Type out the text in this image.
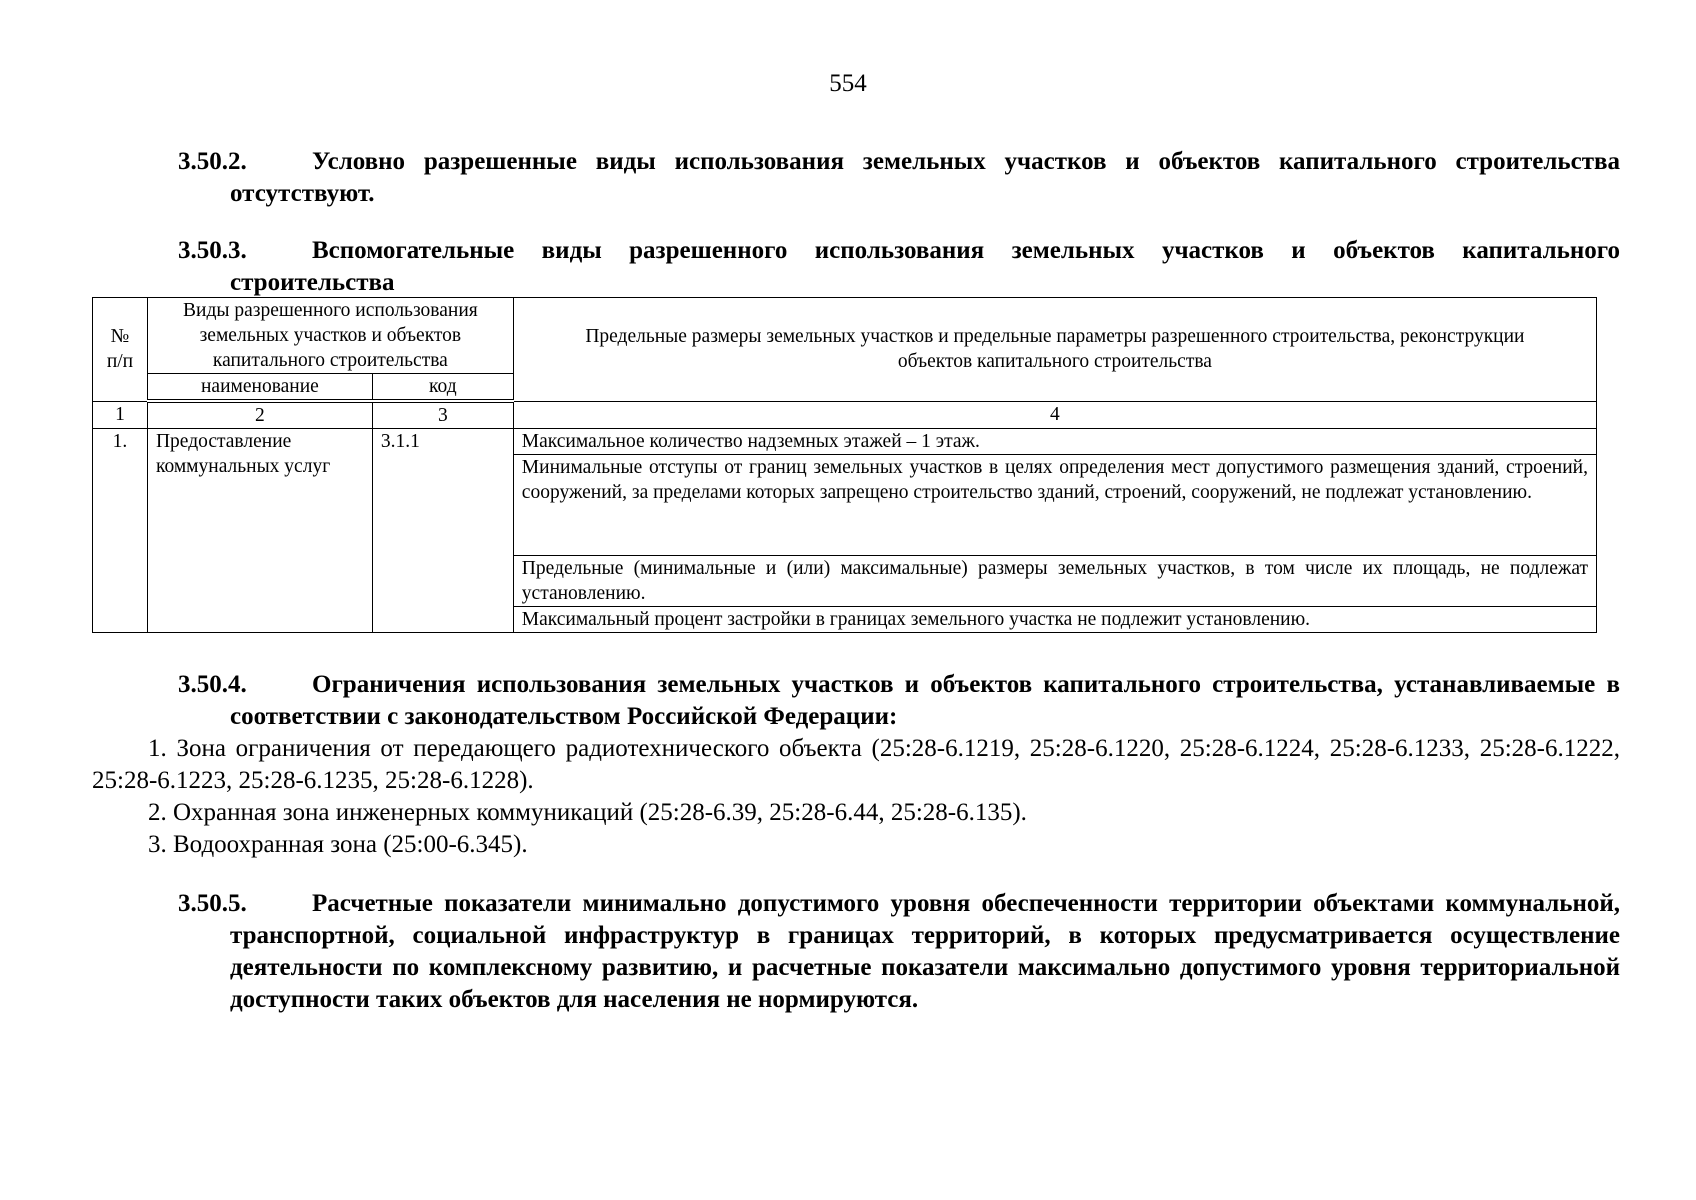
554
3.50.2.	Условно разрешенные виды использования земельных участков и объектов капитального строительства отсутствуют.
3.50.3.	Вспомогательные виды разрешенного использования земельных участков и объектов капитального строительства
№ п/п	Виды разрешенного использования земельных участков и объектов капитального строительства		Предельные размеры земельных участков и предельные параметры разрешенного строительства, реконструкции объектов капитального строительства
	наименование	код	
1	2	3	4
1.	Предоставление коммунальных услуг	3.1.1	Максимальное количество надземных этажей – 1 этаж.
			Минимальные отступы от границ земельных участков в целях определения мест допустимого размещения зданий, строений, сооружений, за пределами которых запрещено строительство зданий, строений, сооружений, не подлежат установлению.
			Предельные (минимальные и (или) максимальные) размеры земельных участков, в том числе их площадь, не подлежат установлению.
			Максимальный процент застройки в границах земельного участка не подлежит установлению.
3.50.4.	Ограничения использования земельных участков и объектов капитального строительства, устанавливаемые в соответствии с законодательством Российской Федерации:
1. Зона ограничения от передающего радиотехнического объекта (25:28-6.1219, 25:28-6.1220, 25:28-6.1224, 25:28-6.1233, 25:28-6.1222, 25:28-6.1223, 25:28-6.1235, 25:28-6.1228).
2. Охранная зона инженерных коммуникаций (25:28-6.39, 25:28-6.44, 25:28-6.135).
3. Водоохранная зона (25:00-6.345).
3.50.5.	Расчетные показатели минимально допустимого уровня обеспеченности территории объектами коммунальной, транспортной, социальной инфраструктур в границах территорий, в которых предусматривается осуществление деятельности по комплексному развитию, и расчетные показатели максимально допустимого уровня территориальной доступности таких объектов для населения не нормируются.
